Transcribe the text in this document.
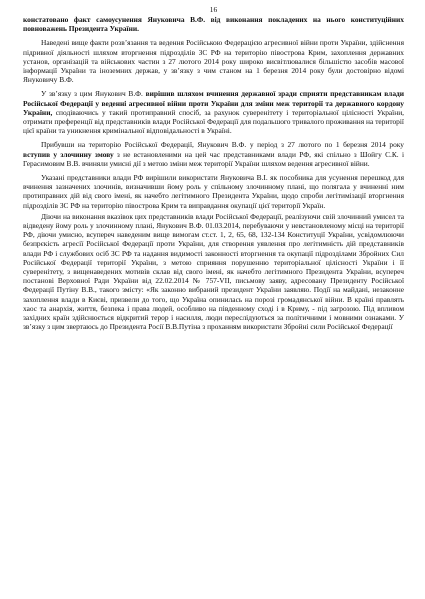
16

констатовано факт самоусунення Януковича В.Ф. від виконання покладених на нього конституційних повноважень Президента України.

Наведені вище факти розв’язання та ведення Російською Федерацією агресивної війни проти України, здійснення підривної діяльності шляхом вторгнення підрозділів ЗС РФ на територію півострова Крим, захоплення державних установ, організацій та військових частин з 27 лютого 2014 року широко висвітлювалися більшістю засобів масової інформації України та іноземних держав, у зв’язку з чим станом на 1 березня 2014 року були достовірно відомі Януковичу В.Ф.

У зв’язку з цим Янукович В.Ф. вирішив шляхом вчинення державної зради сприяти представникам влади Російської Федерації у веденні агресивної війни проти України для зміни меж території та державного кордону України, сподіваючись у такий протиправний спосіб, за рахунок суверенітету і територіальної цілісності України, отримати преференції від представників влади Російської Федерації для подальшого тривалого проживання на території цієї країни та уникнення кримінальної відповідальності в Україні.

Прибувши на територію Російської Федерації, Янукович В.Ф. у період з 27 лютого по 1 березня 2014 року вступив у злочинну змову з не встановленими на цей час представниками влади РФ, які спільно з Шойгу С.К. і Герасимовим В.В. вчиняли умисні дії з метою зміни меж території України шляхом ведення агресивної війни.

Указані представники влади РФ вирішили використати Януковича В.І. як пособника для усунення перешкод для вчинення зазначених злочинів, визначивши йому роль у спільному злочинному плані, що полягала у вчиненні ним протиправних дій від свого імені, як начебто легітимного Президента України, щодо спроби легітимізації вторгнення підрозділів ЗС РФ на територію півострова Крим та виправдання окупації цієї території Україн.

Діючи на виконання вказівок цих представників влади Російської Федерації, реалізуючи свій злочинний умисел та відведену йому роль у злочинному плані, Янукович В.Ф. 01.03.2014, перебуваючи у невстановленому місці на території РФ, діючи умисно, всупереч наведеним вище вимогам ст.ст. 1, 2, 65, 68, 132-134 Конституції України, усвідомлюючи безпрєкість агресії Російської Федерації проти України, для створення уявлення про легітимність дій представників влади РФ і службових осіб ЗС РФ та надання видимості законності вторгнення та окупації підрозділами Збройних Сил Російської Федерації території України, з метою сприяння порушенню територіальної цілісності України і її суверенітету, з вищенаведених мотивів склав від свого імені, як начебто легітимного Президента України, всупереч постанові Верховної Ради України від 22.02.2014 № 757-VII, письмову заяву, адресовану Президенту Російської Федерації Путіну В.В., такого змісту: «Як законно вибраний президент України заявляю. Події на майдані, незаконне захоплення влади в Києві, призвели до того, що Україна опинилась на порозі громадянської війни. В країні правлять хаос та анархія, життя, безпека і права людей, особливо на південному сході і в Криму, - під загрозою. Під впливом західних країн здійснюється відкритий терор і насилля, люди переслідуються за політичними і мовними ознаками. У зв’язку з цим звертаюсь до Президента Росії В.В.Путіна з проханням використати Збройні сили Російської Федерації
